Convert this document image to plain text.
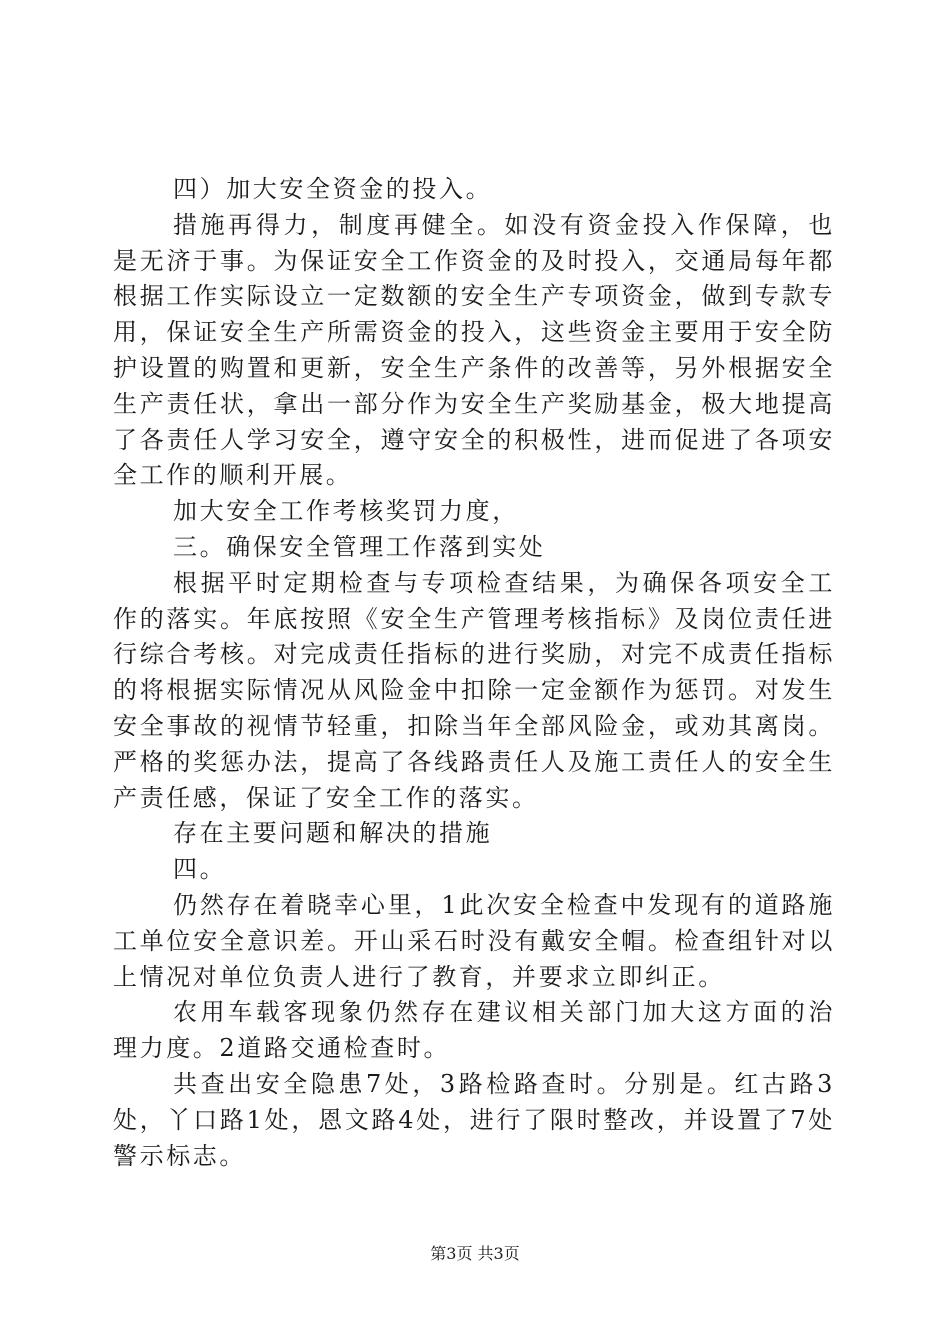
四）加大安全资金的投入。

措施再得力，制度再健全。如没有资金投入作保障，也是无济于事。为保证安全工作资金的及时投入，交通局每年都根据工作实际设立一定数额的安全生产专项资金，做到专款专用，保证安全生产所需资金的投入，这些资金主要用于安全防护设置的购置和更新，安全生产条件的改善等，另外根据安全生产责任状，拿出一部分作为安全生产奖励基金，极大地提高了各责任人学习安全，遵守安全的积极性，进而促进了各项安全工作的顺利开展。

加大安全工作考核奖罚力度，

三。确保安全管理工作落到实处

根据平时定期检查与专项检查结果，为确保各项安全工作的落实。年底按照《安全生产管理考核指标》及岗位责任进行综合考核。对完成责任指标的进行奖励，对完不成责任指标的将根据实际情况从风险金中扣除一定金额作为惩罚。对发生安全事故的视情节轻重，扣除当年全部风险金，或劝其离岗。严格的奖惩办法，提高了各线路责任人及施工责任人的安全生产责任感，保证了安全工作的落实。

存在主要问题和解决的措施

四。

仍然存在着晓幸心里，1此次安全检查中发现有的道路施工单位安全意识差。开山采石时没有戴安全帽。检查组针对以上情况对单位负责人进行了教育，并要求立即纠正。

农用车载客现象仍然存在建议相关部门加大这方面的治理力度。2道路交通检查时。

共查出安全隐患7处，3路检路查时。分别是。红古路3处，丫口路1处，恩文路4处，进行了限时整改，并设置了7处警示标志。

第3页 共3页
